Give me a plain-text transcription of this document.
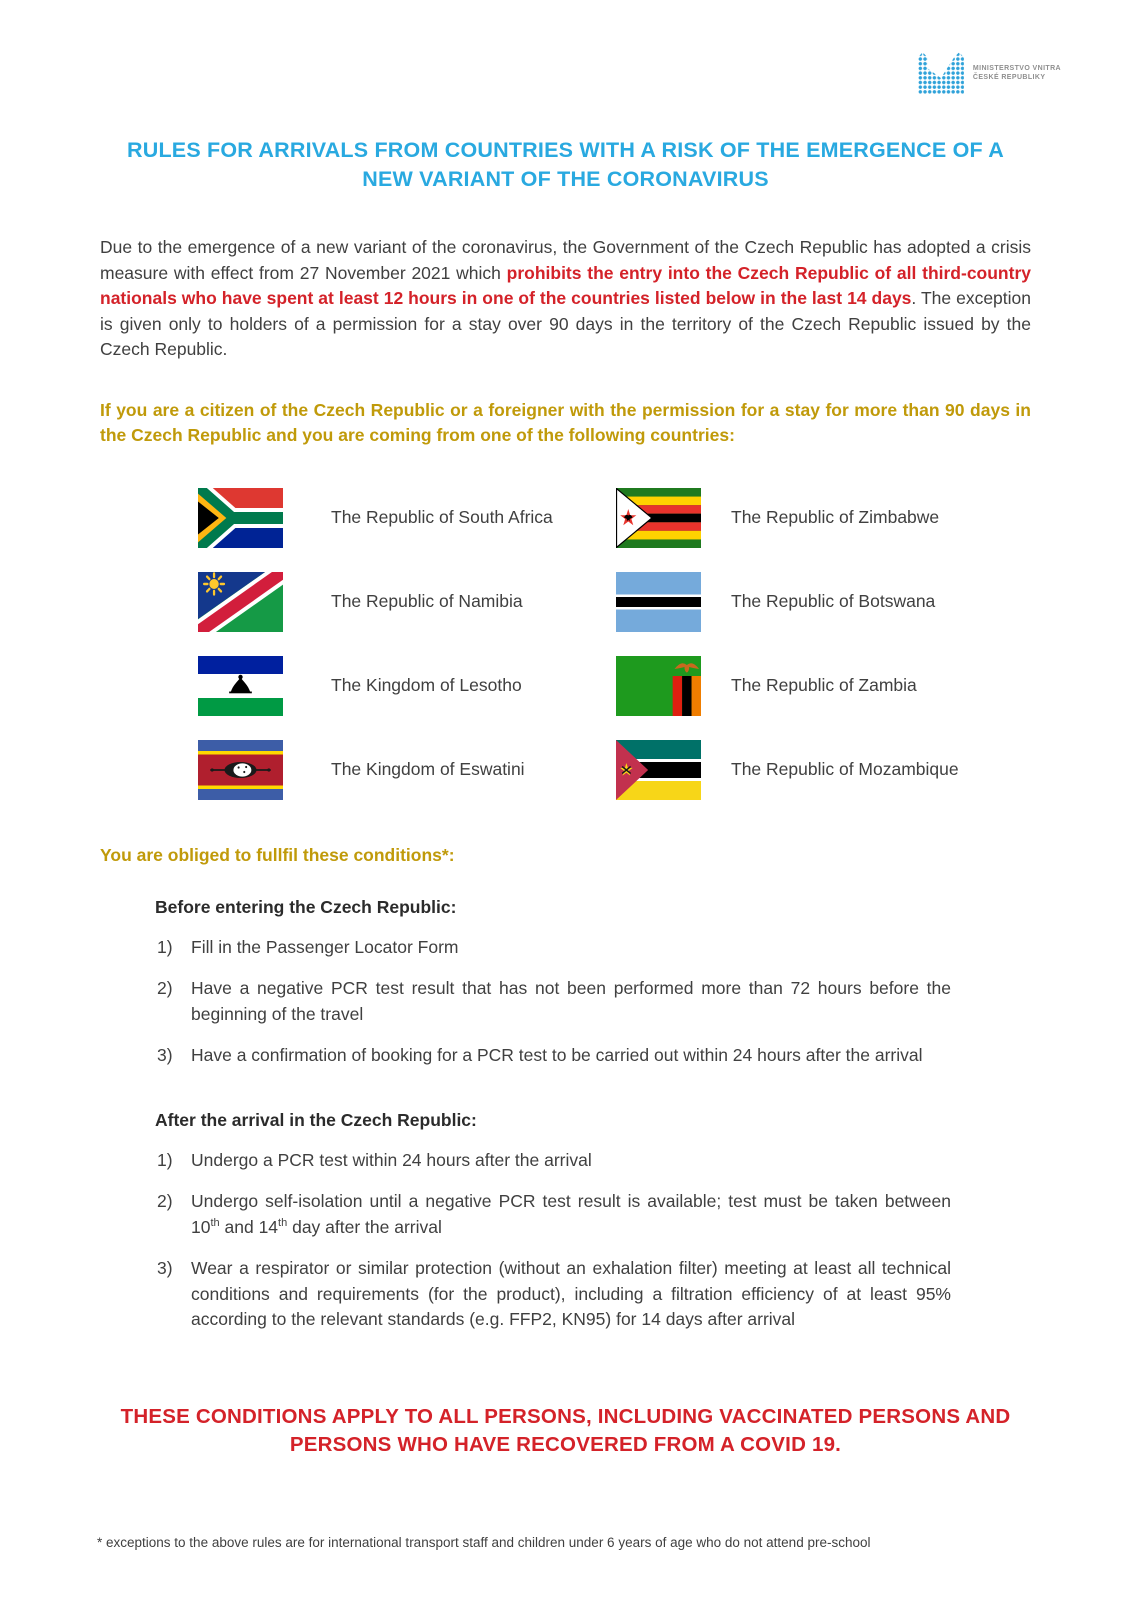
MINISTERSTVO VNITRA
ČESKÉ REPUBLIKY
RULES FOR ARRIVALS FROM COUNTRIES WITH A RISK OF THE EMERGENCE OF A NEW VARIANT OF THE CORONAVIRUS

Due to the emergence of a new variant of the coronavirus, the Government of the Czech Republic has adopted a crisis measure with effect from 27 November 2021 which prohibits the entry into the Czech Republic of all third-country nationals who have spent at least 12 hours in one of the countries listed below in the last 14 days. The exception is given only to holders of a permission for a stay over 90 days in the territory of the Czech Republic issued by the Czech Republic.

If you are a citizen of the Czech Republic or a foreigner with the permission for a stay for more than 90 days in the Czech Republic and you are coming from one of the following countries:

The Republic of South Africa	The Republic of Zimbabwe
The Republic of Namibia	The Republic of Botswana
The Kingdom of Lesotho	The Republic of Zambia
The Kingdom of Eswatini	The Republic of Mozambique
You are obliged to fullfil these conditions*:
Before entering the Czech Republic:
1)	Fill in the Passenger Locator Form

2)	Have a negative PCR test result that has not been performed more than 72 hours before the beginning of the travel

3)	Have a confirmation of booking for a PCR test to be carried out within 24 hours after the arrival

After the arrival in the Czech Republic:
1)	Undergo a PCR test within 24 hours after the arrival

2)	Undergo self-isolation until a negative PCR test result is available; test must be taken between 10th and 14th day after the arrival

3)	Wear a respirator or similar protection (without an exhalation filter) meeting at least all technical conditions and requirements (for the product), including a filtration efficiency of at least 95% according to the relevant standards (e.g. FFP2, KN95) for 14 days after arrival

THESE CONDITIONS APPLY TO ALL PERSONS, INCLUDING VACCINATED PERSONS AND PERSONS WHO HAVE RECOVERED FROM A COVID 19.
* exceptions to the above rules are for international transport staff and children under 6 years of age who do not attend pre-school
